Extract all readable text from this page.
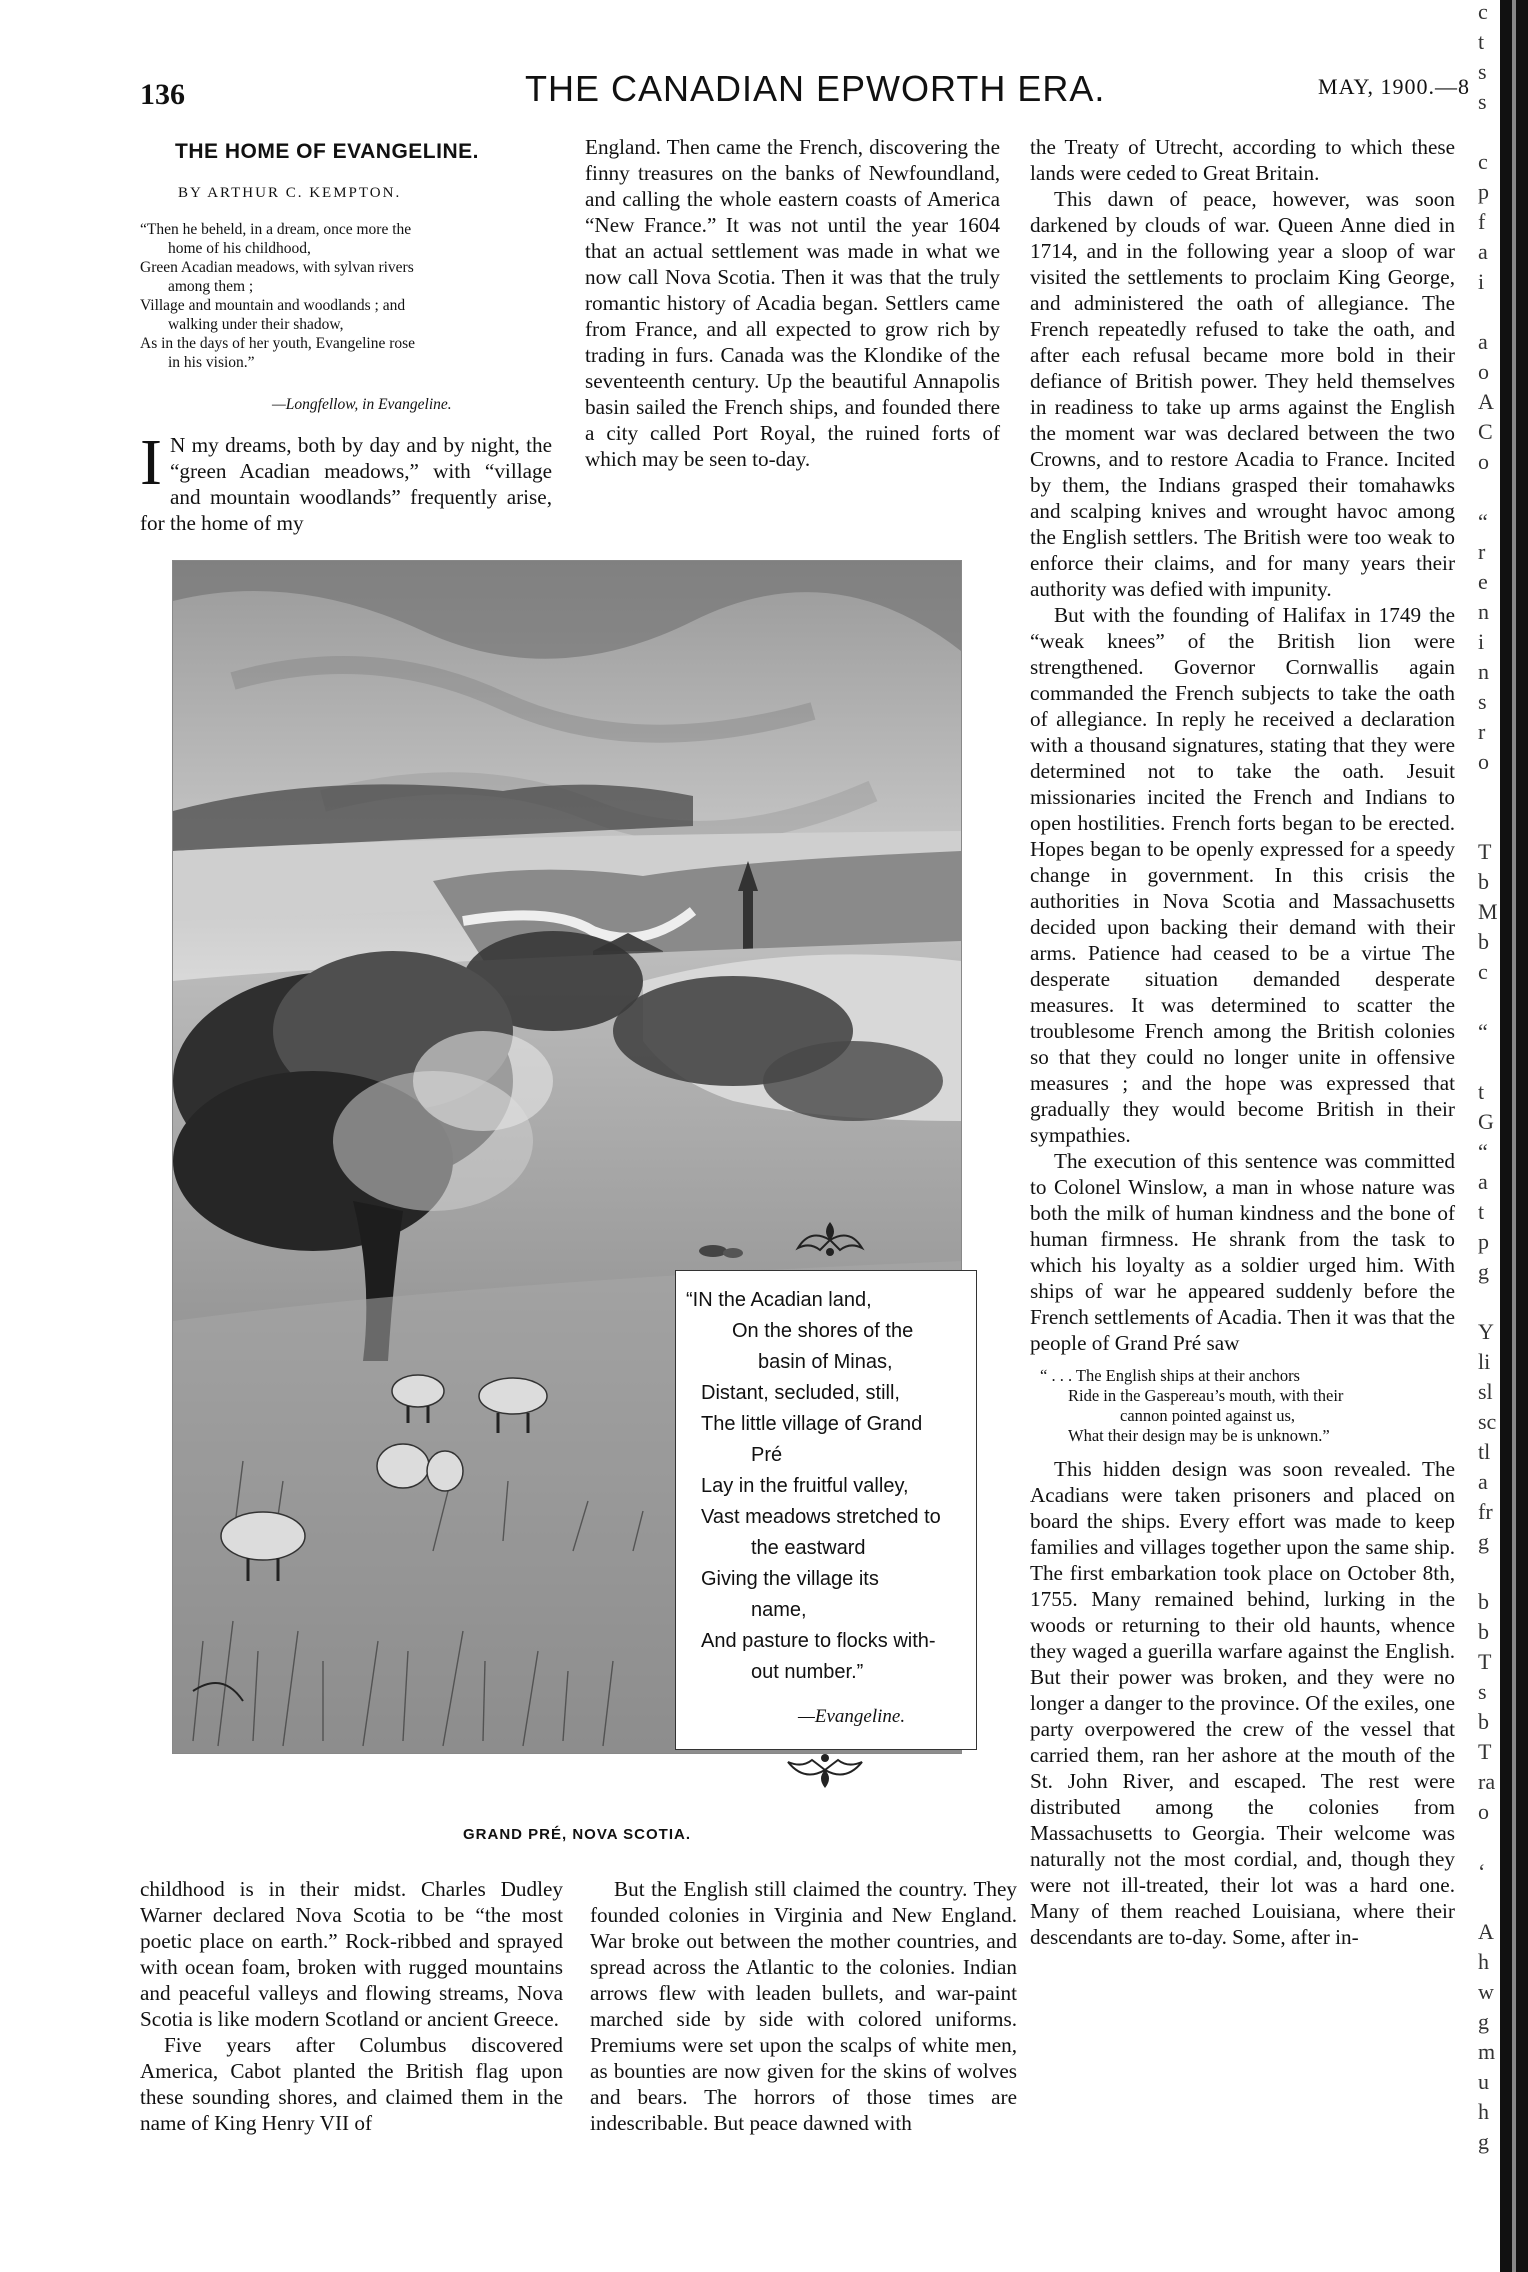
136	THE CANADIAN EPWORTH ERA.	MAY, 1900.—8
THE HOME OF EVANGELINE.
BY ARTHUR C. KEMPTON.
“Then he beheld, in a dream, once more the
home of his childhood,
Green Acadian meadows, with sylvan rivers
among them ;
Village and mountain and woodlands ; and
walking under their shadow,
As in the days of her youth, Evangeline rose
in his vision.”
—Longfellow, in Evangeline.
I N my dreams, both by day and by night, the “green Acadian meadows,” with “village and mountain woodlands” frequently arise, for the home of my

England. Then came the French, discovering the finny treasures on the banks of Newfoundland, and calling the whole eastern coasts of America “New France.” It was not until the year 1604 that an actual settlement was made in what we now call Nova Scotia. Then it was that the truly romantic history of Acadia began. Settlers came from France, and all expected to grow rich by trading in furs. Canada was the Klondike of the seventeenth century. Up the beautiful Annapolis basin sailed the French ships, and founded there a city called Port Royal, the ruined forts of which may be seen to-day.

the Treaty of Utrecht, according to which these lands were ceded to Great Britain.

This dawn of peace, however, was soon darkened by clouds of war. Queen Anne died in 1714, and in the following year a sloop of war visited the settlements to proclaim King George, and administered the oath of allegiance. The French repeatedly refused to take the oath, and after each refusal became more bold in their defiance of British power. They held themselves in readiness to take up arms against the English the moment war was declared between the two Crowns, and to restore Acadia to France. Incited by them, the Indians grasped their tomahawks and scalping knives and wrought havoc among the English settlers. The British were too weak to enforce their claims, and for many years their authority was defied with impunity.

But with the founding of Halifax in 1749 the “weak knees” of the British lion were strengthened. Governor Cornwallis again commanded the French subjects to take the oath of allegiance. In reply he received a declaration with a thousand signatures, stating that they were determined not to take the oath. Jesuit missionaries incited the French and Indians to open hostilities. French forts began to be erected. Hopes began to be openly expressed for a speedy change in government. In this crisis the authorities in Nova Scotia and Massachusetts decided upon backing their demand with their arms. Patience had ceased to be a virtue The desperate situation demanded desperate measures. It was determined to scatter the troublesome French among the British colonies so that they could no longer unite in offensive measures ; and the hope was expressed that gradually they would become British in their sympathies.

The execution of this sentence was committed to Colonel Winslow, a man in whose nature was both the milk of human kindness and the bone of human firmness. He shrank from the task to which his loyalty as a soldier urged him. With ships of war he appeared suddenly before the French settlements of Acadia. Then it was that the people of Grand Pré saw

“ . . . The English ships at their anchors
Ride in the Gaspereau’s mouth, with their
cannon pointed against us,
What their design may be is unknown.”

This hidden design was soon revealed. The Acadians were taken prisoners and placed on board the ships. Every effort was made to keep families and villages together upon the same ship. The first embarkation took place on October 8th, 1755. Many remained behind, lurking in the woods or returning to their old haunts, whence they waged a guerilla warfare against the English. But their power was broken, and they were no longer a danger to the province. Of the exiles, one party overpowered the crew of the vessel that carried them, ran her ashore at the mouth of the St. John River, and escaped. The rest were distributed among the colonies from Massachusetts to Georgia. Their welcome was naturally not the most cordial, and, though they were not ill-treated, their lot was a hard one. Many of them reached Louisiana, where their descendants are to-day. Some, after in-

“IN the Acadian land,
On the shores of the
basin of Minas,
Distant, secluded, still,
The little village of Grand
Pré
Lay in the fruitful valley,
Vast meadows stretched to
the eastward
Giving the village its
name,
And pasture to flocks with-
out number.”
—Evangeline.
GRAND PRÉ, NOVA SCOTIA.

childhood is in their midst. Charles Dudley Warner declared Nova Scotia to be “the most poetic place on earth.” Rock-ribbed and sprayed with ocean foam, broken with rugged mountains and peaceful valleys and flowing streams, Nova Scotia is like modern Scotland or ancient Greece.

Five years after Columbus discovered America, Cabot planted the British flag upon these sounding shores, and claimed them in the name of King Henry VII of

But the English still claimed the country. They founded colonies in Virginia and New England. War broke out between the mother countries, and spread across the Atlantic to the colonies. Indian arrows flew with leaden bullets, and war-paint marched side by side with colored uniforms. Premiums were set upon the scalps of white men, as bounties are now given for the skins of wolves and bears. The horrors of those times are indescribable. But peace dawned with

c
t
s
s
c
p
f
a
i
a
o
A
C
o
“
r
e
n
i
n
s
r
o
T
b
M
b
c
“
t
G
“
a
t
p
g
Y
li
sl
sc
tl
a
fr
g
b
b
T
s
b
T
ra
o
‘
A
h
w
g
m
u
h
g
